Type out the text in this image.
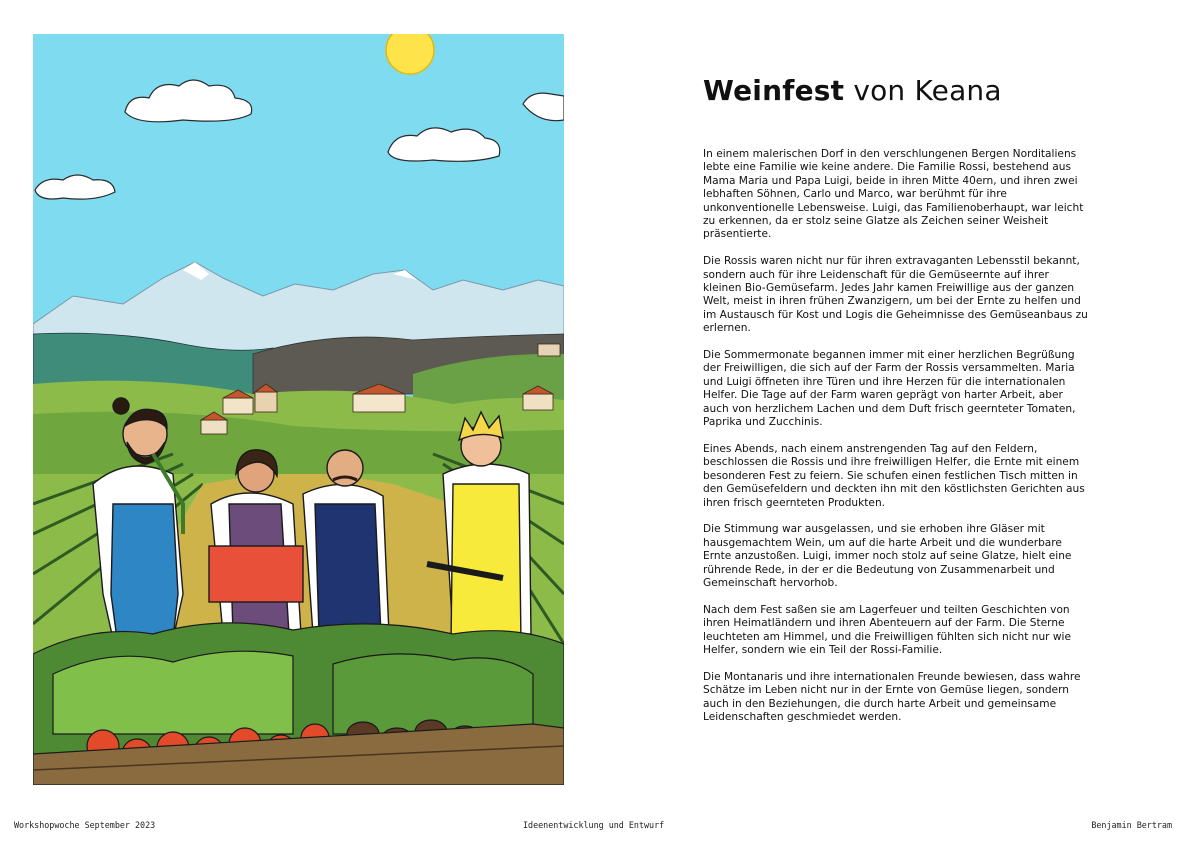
Weinfest von Keana

In einem malerischen Dorf in den verschlungenen Bergen Norditaliens lebte eine Familie wie keine andere. Die Familie Rossi, bestehend aus Mama Maria und Papa Luigi, beide in ihren Mitte 40ern, und ihren zwei lebhaften Söhnen, Carlo und Marco, war berühmt für ihre unkonventionelle Lebensweise. Luigi, das Familienoberhaupt, war leicht zu erkennen, da er stolz seine Glatze als Zeichen seiner Weisheit präsentierte.

Die Rossis waren nicht nur für ihren extravaganten Lebensstil bekannt, sondern auch für ihre Leidenschaft für die Gemüseernte auf ihrer kleinen Bio-Gemüsefarm. Jedes Jahr kamen Freiwillige aus der ganzen Welt, meist in ihren frühen Zwanzigern, um bei der Ernte zu helfen und im Austausch für Kost und Logis die Geheimnisse des Gemüseanbaus zu erlernen.

Die Sommermonate begannen immer mit einer herzlichen Begrüßung der Freiwilligen, die sich auf der Farm der Rossis versammelten. Maria und Luigi öffneten ihre Türen und ihre Herzen für die internationalen Helfer. Die Tage auf der Farm waren geprägt von harter Arbeit, aber auch von herzlichem Lachen und dem Duft frisch geernteter Tomaten, Paprika und Zucchinis.

Eines Abends, nach einem anstrengenden Tag auf den Feldern, beschlossen die Rossis und ihre freiwilligen Helfer, die Ernte mit einem besonderen Fest zu feiern. Sie schufen einen festlichen Tisch mitten in den Gemüsefeldern und deckten ihn mit den köstlichsten Gerichten aus ihren frisch geernteten Produkten.

Die Stimmung war ausgelassen, und sie erhoben ihre Gläser mit hausgemachtem Wein, um auf die harte Arbeit und die wunderbare Ernte anzustoßen. Luigi, immer noch stolz auf seine Glatze, hielt eine rührende Rede, in der er die Bedeutung von Zusammenarbeit und Gemeinschaft hervorhob.

Nach dem Fest saßen sie am Lagerfeuer und teilten Geschichten von ihren Heimatländern und ihren Abenteuern auf der Farm. Die Sterne leuchteten am Himmel, und die Freiwilligen fühlten sich nicht nur wie Helfer, sondern wie ein Teil der Rossi-Familie.

Die Montanaris und ihre internationalen Freunde bewiesen, dass wahre Schätze im Leben nicht nur in der Ernte von Gemüse liegen, sondern auch in den Beziehungen, die durch harte Arbeit und gemeinsame Leidenschaften geschmiedet werden.

Workshopwoche September 2023	Ideenentwicklung und Entwurf	Benjamin Bertram
